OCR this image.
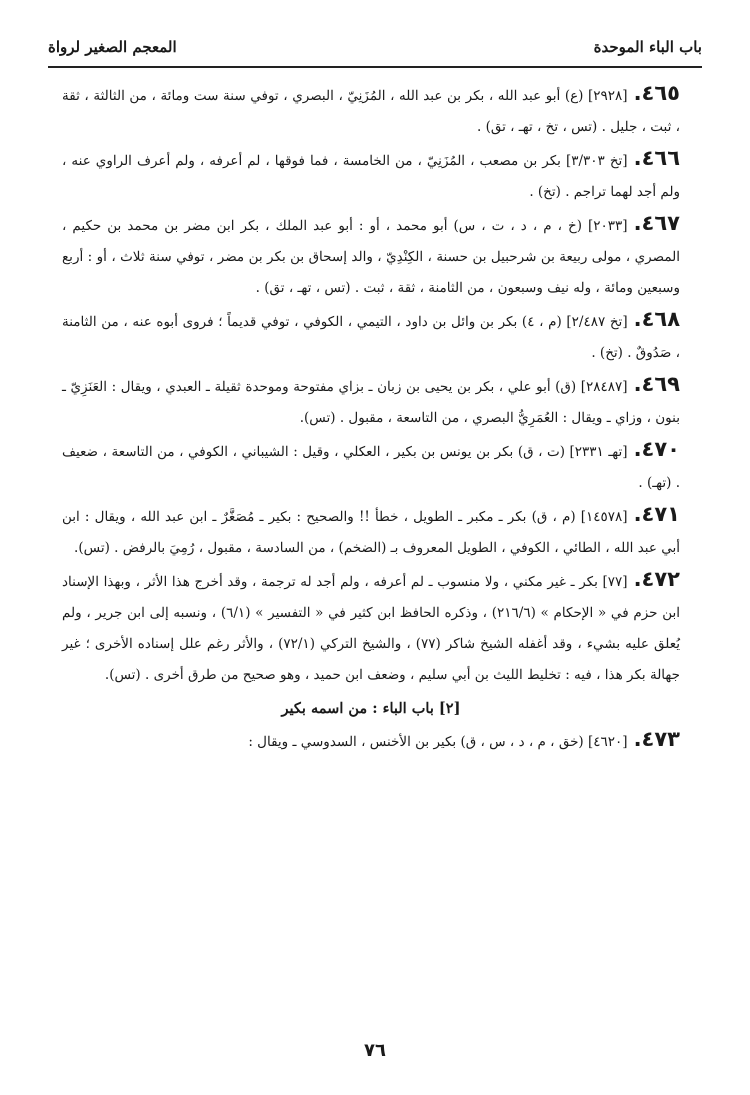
المعجم الصغير لرواة	باب الباء الموحدة

٤٦٥.[٢٩٢٨] (ع) أبو عبد الله ، بكر بن عبد الله ، المُزَنِيّ ، البصري ، توفي سنة ست ومائة ، من الثالثة ، ثقة ، ثبت ، جليل . (تس ، تخ ، تهـ ، تق) .

٤٦٦.[تخ ٣/٣٠٣] بكر بن مصعب ، المُزَنِيّ ، من الخامسة ، فما فوقها ، لم أعرفه ، ولم أعرف الراوي عنه ، ولم أجد لهما تراجم . (تخ) .

٤٦٧.[٢٠٣٣] (خ ، م ، د ، ت ، س) أبو محمد ، أو : أبو عبد الملك ، بكر ابن مضر بن محمد بن حكيم ، المصري ، مولى ربيعة بن شرحبيل بن حسنة ، الكِنْدِيّ ، والد إسحاق بن بكر بن مضر ، توفي سنة ثلاث ، أو : أربع وسبعين ومائة ، وله نيف وسبعون ، من الثامنة ، ثقة ، ثبت . (تس ، تهـ ، تق) .

٤٦٨.[تخ ٢/٤٨٧] (م ، ٤) بكر بن وائل بن داود ، التيمي ، الكوفي ، توفي قديماً ؛ فروى أبوه عنه ، من الثامنة ، صَدُوقٌ . (تخ) .

٤٦٩.[٢٨٤٨٧] (ق) أبو علي ، بكر بن يحيى بن زبان ـ بزاي مفتوحة وموحدة ثقيلة ـ العبدي ، ويقال : العَنَزِيّ ـ بنون ، وزاي ـ ويقال : العُمَرِيُّ البصري ، من التاسعة ، مقبول . (تس).

٤٧٠.[تهـ ٢٣٣١] (ت ، ق) بكر بن يونس بن بكير ، العكلي ، وقيل : الشيباني ، الكوفي ، من التاسعة ، ضعيف . (تهـ) .

٤٧١.[١٤٥٧٨] (م ، ق) بكر ـ مكبر ـ الطويل ، خطأ !! والصحيح : بكير ـ مُصَغَّرٌ ـ ابن عبد الله ، ويقال : ابن أبي عبد الله ، الطائي ، الكوفي ، الطويل المعروف بـ (الضخم) ، من السادسة ، مقبول ، رُمِيَ بالرفض . (تس).

٤٧٢.[٧٧] بكر ـ غير مكني ، ولا منسوب ـ لم أعرفه ، ولم أجد له ترجمة ، وقد أخرج هذا الأثر ، وبهذا الإسناد ابن حزم في « الإحكام » (٢١٦/٦) ، وذكره الحافظ ابن كثير في « التفسير » (٦/١) ، ونسبه إلى ابن جرير ، ولم يُعلق عليه بشيء ، وقد أغفله الشيخ شاكر (٧٧) ، والشيخ التركي (٧٢/١) ، والأثر رغم علل إسناده الأخرى ؛ غير جهالة بكر هذا ، فيه : تخليط الليث بن أبي سليم ، وضعف ابن حميد ، وهو صحيح من طرق أخرى . (تس).

[٢] باب الباء : من اسمه بكير

٤٧٣.[٤٦٢٠] (خق ، م ، د ، س ، ق) بكير بن الأخنس ، السدوسي ـ ويقال :

٧٦
